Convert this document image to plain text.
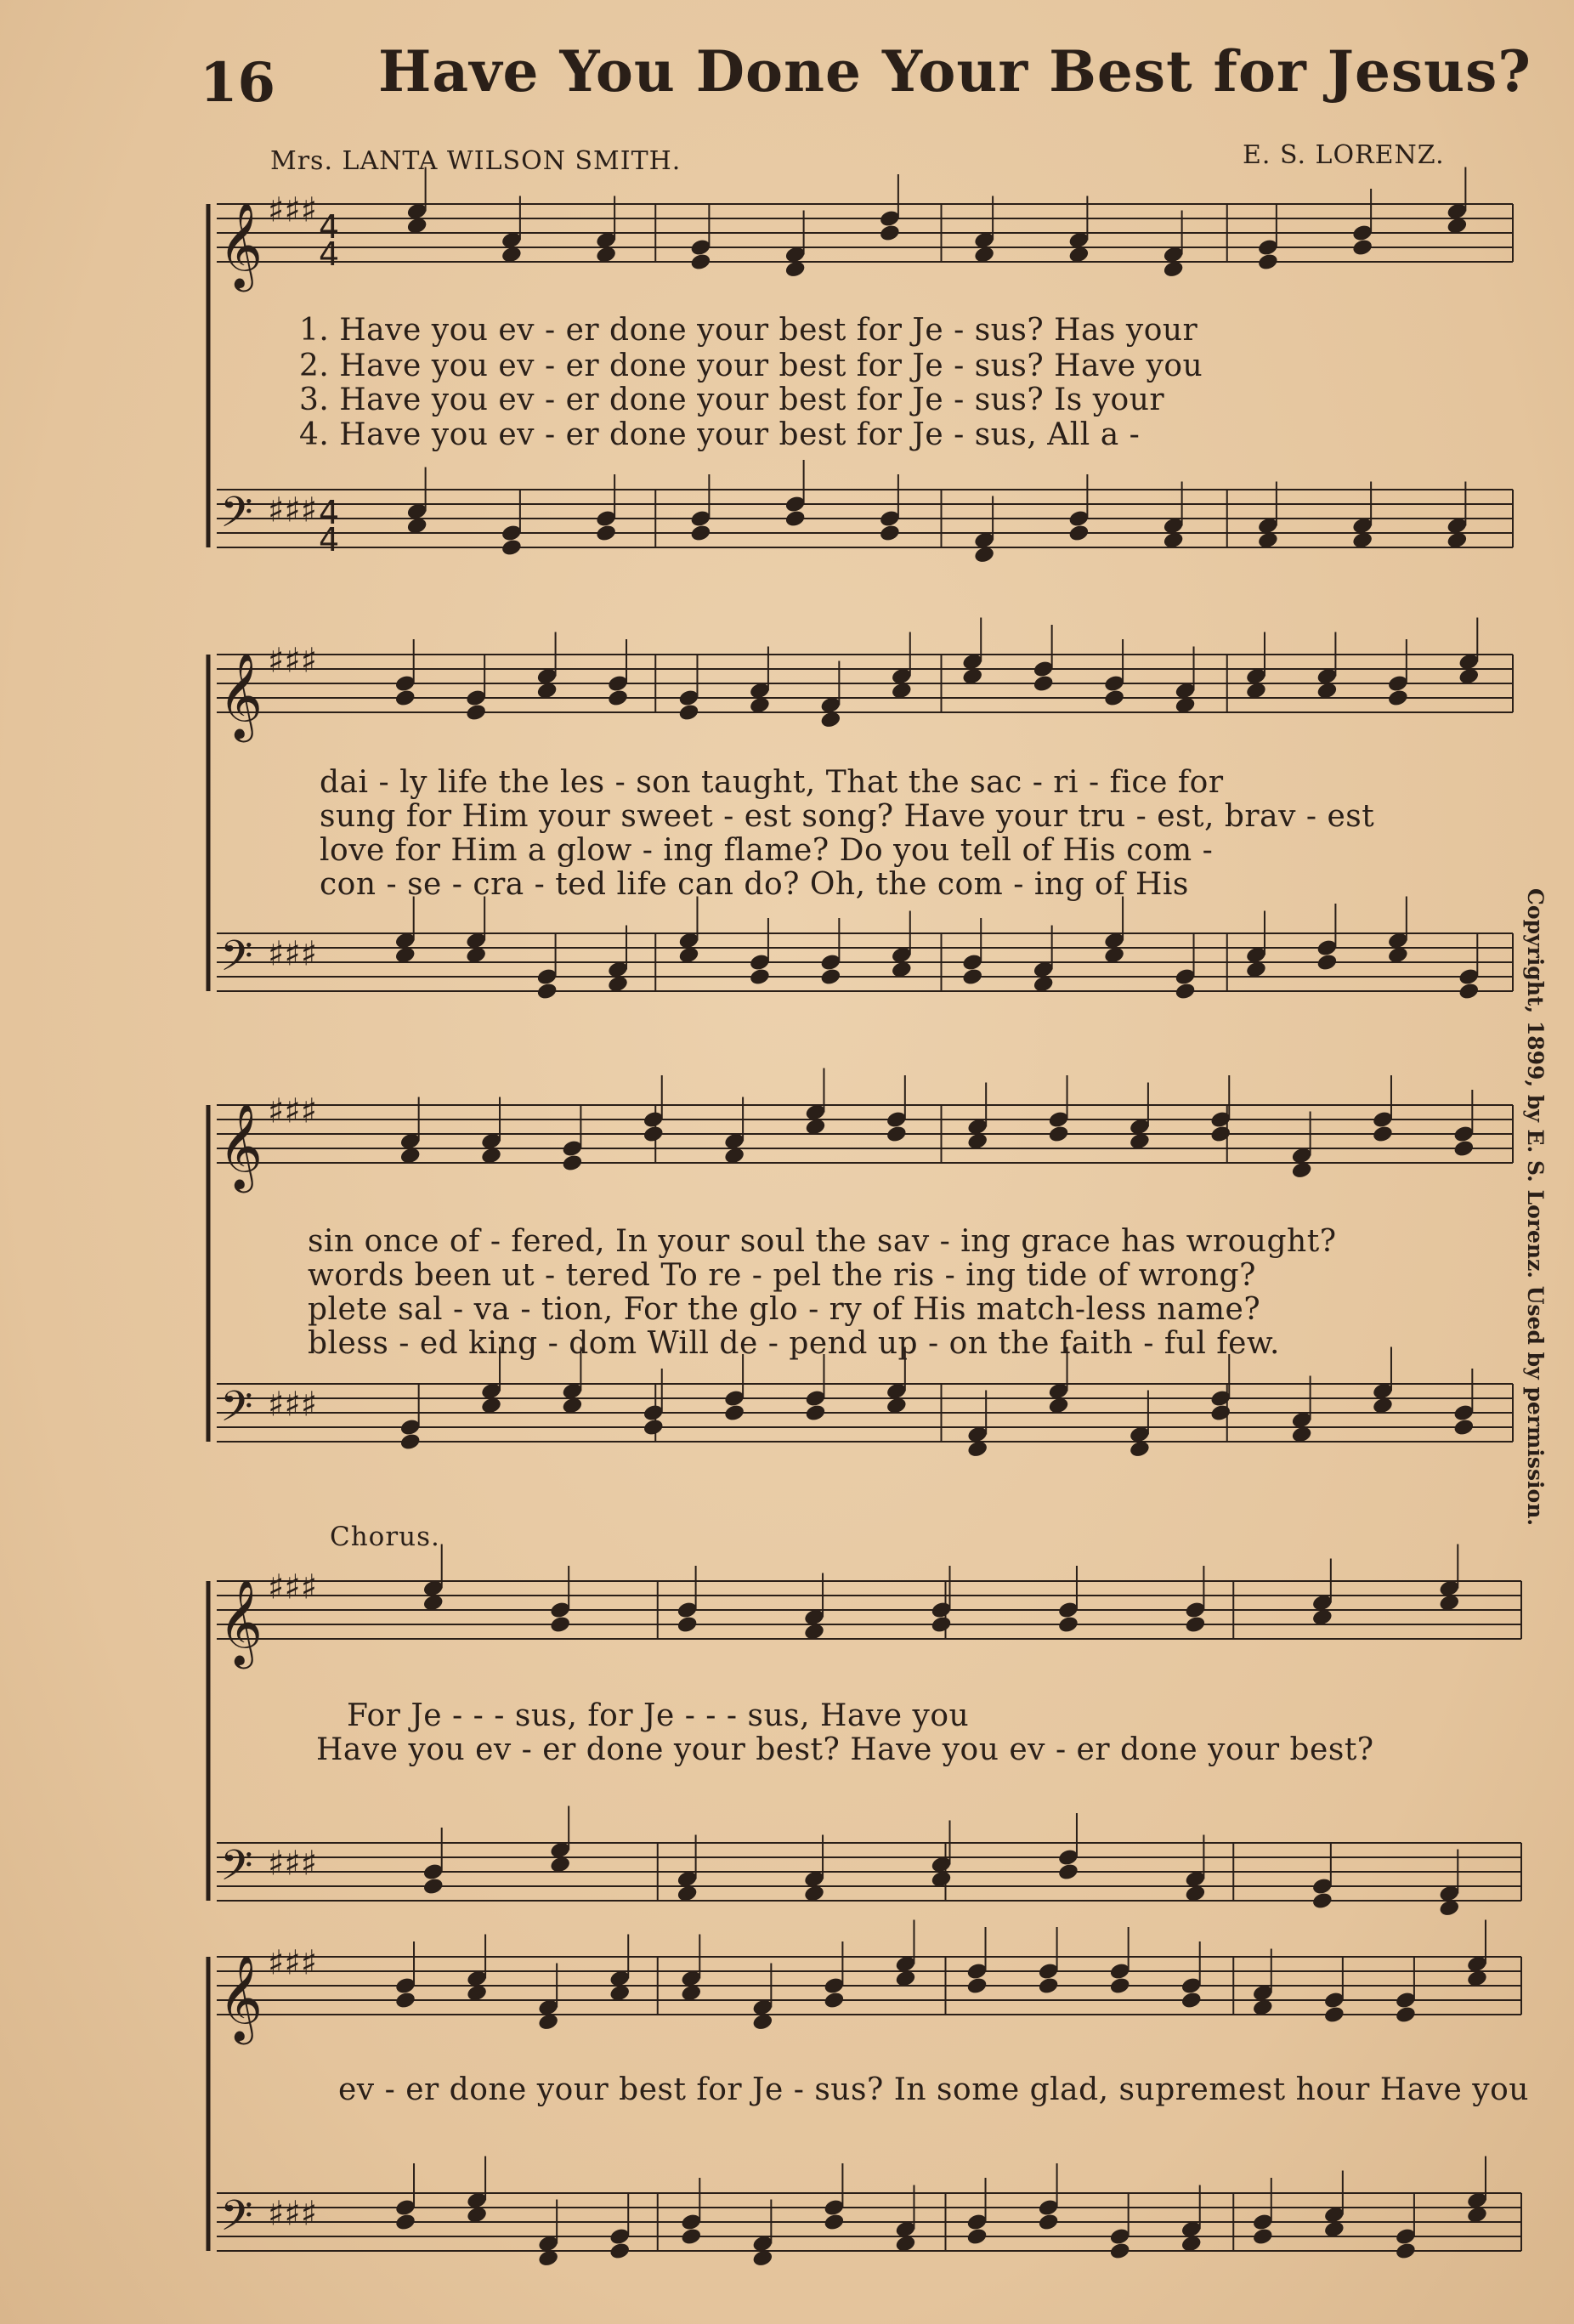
16 Have You Done Your Best for Jesus?
Mrs. LANTA WILSON SMITH.	E. S. LORENZ.
Chorus.
Copyright, 1899, by E. S. Lorenz. Used by permission.
1. Have you ev - er done your best for Je - sus? Has your
2. Have you ev - er done your best for Je - sus? Have you
3. Have you ev - er done your best for Je - sus? Is your
4. Have you ev - er done your best for Je - sus, All a -
dai - ly life the les - son taught, That the sac - ri - fice for
sung for Him your sweet - est song? Have your tru - est, brav - est
love for Him a glow - ing flame? Do you tell of His com -
con - se - cra - ted life can do? Oh, the com - ing of His
sin once of - fered, In your soul the sav - ing grace has wrought?
words been ut - tered To re - pel the ris - ing tide of wrong?
plete sal - va - tion, For the glo - ry of His match-less name?
bless - ed king - dom Will de - pend up - on the faith - ful few.
For Je - - - sus, for Je - - - sus, Have you
Have you ev - er done your best? Have you ev - er done your best?
ev - er done your best for Je - sus? In some glad, supremest hour Have you
𝄞
𝄢
♯♯♯
♯♯♯
4
4
4
4
𝄞
𝄢
♯♯♯
♯♯♯
𝄞
𝄢
♯♯♯
♯♯♯
𝄞
𝄢
♯♯♯
♯♯♯
𝄞
𝄢
♯♯♯
♯♯♯
